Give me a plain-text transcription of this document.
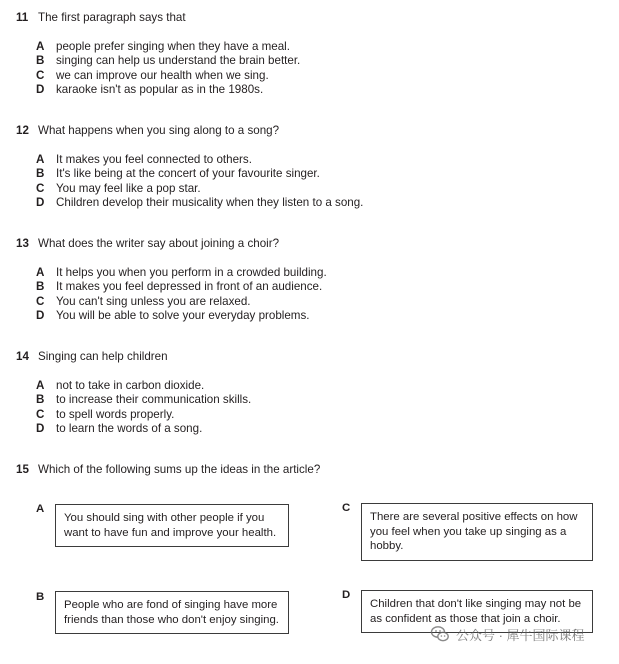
11 The first paragraph says that
A	people prefer singing when they have a meal.
B	singing can help us understand the brain better.
C	we can improve our health when we sing.
D	karaoke isn't as popular as in the 1980s.
12 What happens when you sing along to a song?
A	It makes you feel connected to others.
B	It's like being at the concert of your favourite singer.
C	You may feel like a pop star.
D	Children develop their musicality when they listen to a song.
13 What does the writer say about joining a choir?
A	It helps you when you perform in a crowded building.
B	It makes you feel depressed in front of an audience.
C	You can't sing unless you are relaxed.
D	You will be able to solve your everyday problems.
14 Singing can help children
A	not to take in carbon dioxide.
B	to increase their communication skills.
C	to spell words properly.
D	to learn the words of a song.
15 Which of the following sums up the ideas in the article?
A
You should sing with other people if you want to have fun and improve your health.
C
There are several positive effects on how you feel when you take up singing as a hobby.
B
People who are fond of singing have more friends than those who don't enjoy singing.
D
Children that don't like singing may not be as confident as those that join a choir.
公众号 · 犀牛国际课程
